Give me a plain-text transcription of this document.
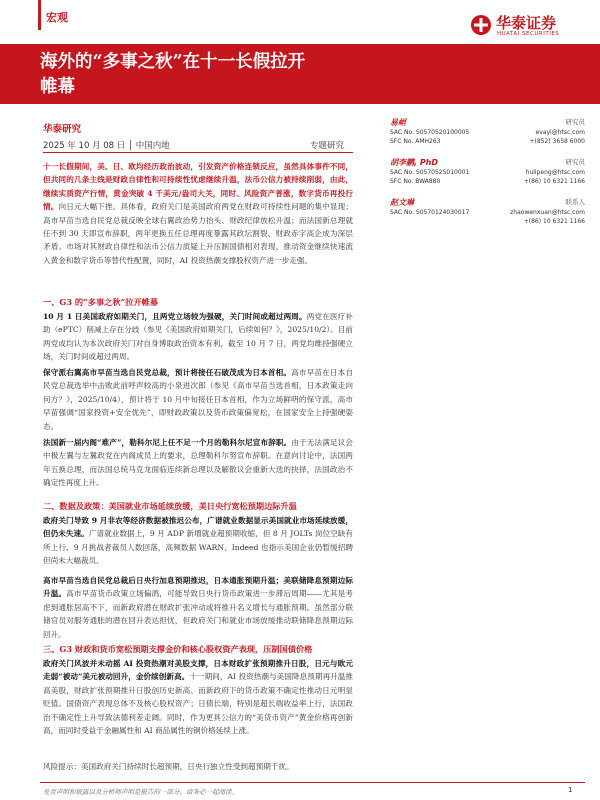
宏观	华泰证券
HUATAI SECURITIES
海外的“多事之秋”在十一长假拉开
帷幕
华泰研究
2025 年 10 月 08 日 │ 中国内地	专题研究

十一长假期间，美、日、欧均经历政治波动，引发资产价格连锁反应，虽然具体事件不同，但共同的几条主线是财政自律性和可持续性忧虑继续升温，法币公信力被持续削弱，由此，继续实质资产行情，黄金突破 4 千美元/盎司大关，同时、风险资产普涨，数字货币再投行情。向日元大幅下挫。具体看，政府关门是美国政府两党在财政可持续性问题的集中显现；高市早苗当选自民党总裁反映全球右翼政治势力抬头、财政纪律放松升温；而法国新总理就任不到 30 天即宣布辞职，两年更换五任总理再度暴露其政坛割裂、财政赤字高企成为深层矛盾。市场对其财政自律性和法币公信力质疑上升压制国债相对表现，推动资金继续快速流入黄金和数字货币等替代性配置，同时，AI 投资热潮支撑股权资产进一步走强。

一、G3 的“多事之秋”拉开帷幕

10 月 1 日美国政府如期关门，且两党立场较为强硬，关门时间或超过两周。两党在医疗补助（ePTC）削减上存在分歧（参见《美国政府如期关门，后续如何？》，2025/10/2）。目前两党或均认为本次政府关门对自身博取政治资本有利，截至 10 月 7 日，两党均维持强硬立场，关门时间或超过两周。

保守派右翼高市早苗当选自民党总裁，预计将接任石破茂成为日本首相。高市早苗在日本自民党总裁选举中击败此前呼声较高的小泉进次郎（参见《高市早苗当选首相，日本政策走向何方？》，2025/10/4），预计将于 10 月中旬接任日本首相，作为立场鲜明的保守派，高市早苗强调“国家投资+安全优先”，即财政政策以及货币政策偏宽松，在国家安全上持强硬姿态。

法国新一届内阁“难产”，勒科尔尼上任不足一个月的勒科尔尼宣布辞职。由于无法满足议会中极左翼与左翼政党在内阁成员上的要求，总理勒科尔努宣布辞职。在意向讨论中，法国两年五换总理，而法国总统马克龙面临连续新总理以及解散议会重新大选的抉择，法国政治不确定性再度上升。

二、数据及政策：美国就业市场延续放缓，美日央行宽松预期边际升温

政府关门导致 9 月非农等经济数据被推迟公布，广谱就业数据显示美国就业市场延续放缓，但仍未失速。广谱就业数据上，9 月 ADP 新增就业超预期收缩，但 8 月 JOLTs 岗位空缺有所上行、9 月挑战者裁员人数回落，高频数据 WARN、Indeed 也指示美国企业仍暂缓招聘但尚未大幅裁员。

高市早苗当选自民党总裁后日央行加息预期推迟，日本通胀预期升温；美联储降息预期边际升温。高市早苗货币政策立场偏鸽，可能导致日央行货币政策进一步滞后周期——尤其是考虑到通胀居高不下，而新政府潜在财政扩张冲动或将推升名义增长与通胀预期。虽然部分联储官员对服务通胀的潜在回升表达担忧，但政府关门和就业市场放缓推动联储降息预期边际回升。

三、G3 财政和货币宽松预期支撑金价和核心股权资产表现，压制国债价格

政府关门风波并未动摇 AI 投资热潮对美股支撑，日本财政扩张预期推升日股，日元与欧元走弱“被动”美元被动回升，金价续创新高。十一期间，AI 投资热潮与美国降息预期再升温推高美股，财政扩张预期推升日股创历史新高、而新政府下的货币政策不确定性推动日元明显贬值。国债资产表现总体不及核心股权资产；日债长端，特别是超长端收益率上行，法国政治不确定性上升导致法德利差走阔。同时，作为更具公信力的“美货币资产”黄金价格再创新高，而同时受益于金融属性和 AI 商品属性的铜价格延续上涨。

风险提示：美国政府关门持续时长超预期，日央行独立性受到超预期干扰。

易峘	研究员
SAC No. S0570520100005	evayi@htsc.com
SFC No. AMH263	+(852) 3658 6000
胡李鹏, PhD	研究员
SAC No. S0570525010001	hulipeng@htsc.com
SFC No. BWA880	+(86) 10 6321 1166
赵文琳	联系人
SAC No. S0570124030017	zhaowenxuan@htsc.com
+(86) 10 6321 1166
免责声明和披露以及分析师声明是报告的一部分，请务必一起阅读。	1
